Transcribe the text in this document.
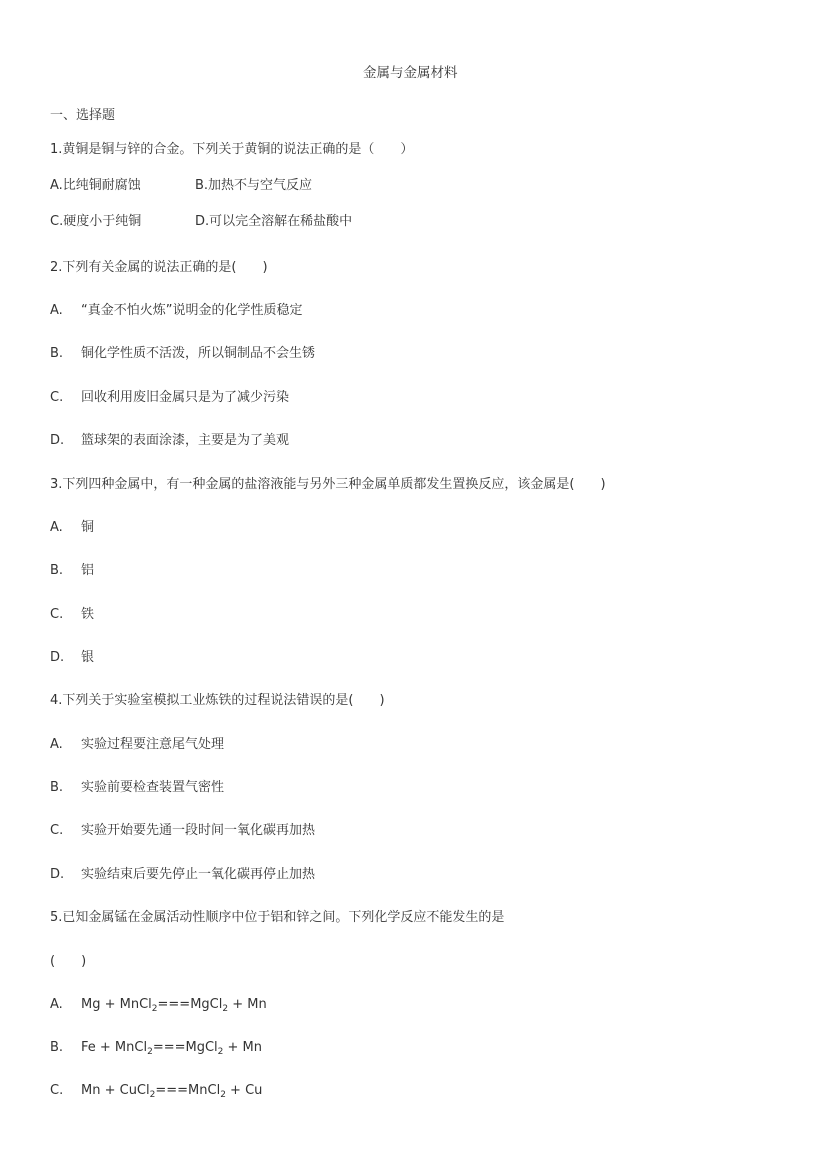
金属与金属材料
一、选择题
1.黄铜是铜与锌的合金。下列关于黄铜的说法正确的是（　　）
A.比纯铜耐腐蚀	B.加热不与空气反应
C.硬度小于纯铜	D.可以完全溶解在稀盐酸中
2.下列有关金属的说法正确的是(　　)
A. “真金不怕火炼”说明金的化学性质稳定
B. 铜化学性质不活泼，所以铜制品不会生锈
C. 回收利用废旧金属只是为了减少污染
D. 篮球架的表面涂漆，主要是为了美观
3.下列四种金属中，有一种金属的盐溶液能与另外三种金属单质都发生置换反应，该金属是(　　)
A. 铜
B. 铝
C. 铁
D. 银
4.下列关于实验室模拟工业炼铁的过程说法错误的是(　　)
A. 实验过程要注意尾气处理
B. 实验前要检查装置气密性
C. 实验开始要先通一段时间一氧化碳再加热
D. 实验结束后要先停止一氧化碳再停止加热
5.已知金属锰在金属活动性顺序中位于铝和锌之间。下列化学反应不能发生的是
(　　)
A. Mg + MnCl$_2$===MgCl$_2$ + Mn
B. Fe + MnCl$_2$===MgCl$_2$ + Mn
C. Mn + CuCl$_2$===MnCl$_2$ + Cu
